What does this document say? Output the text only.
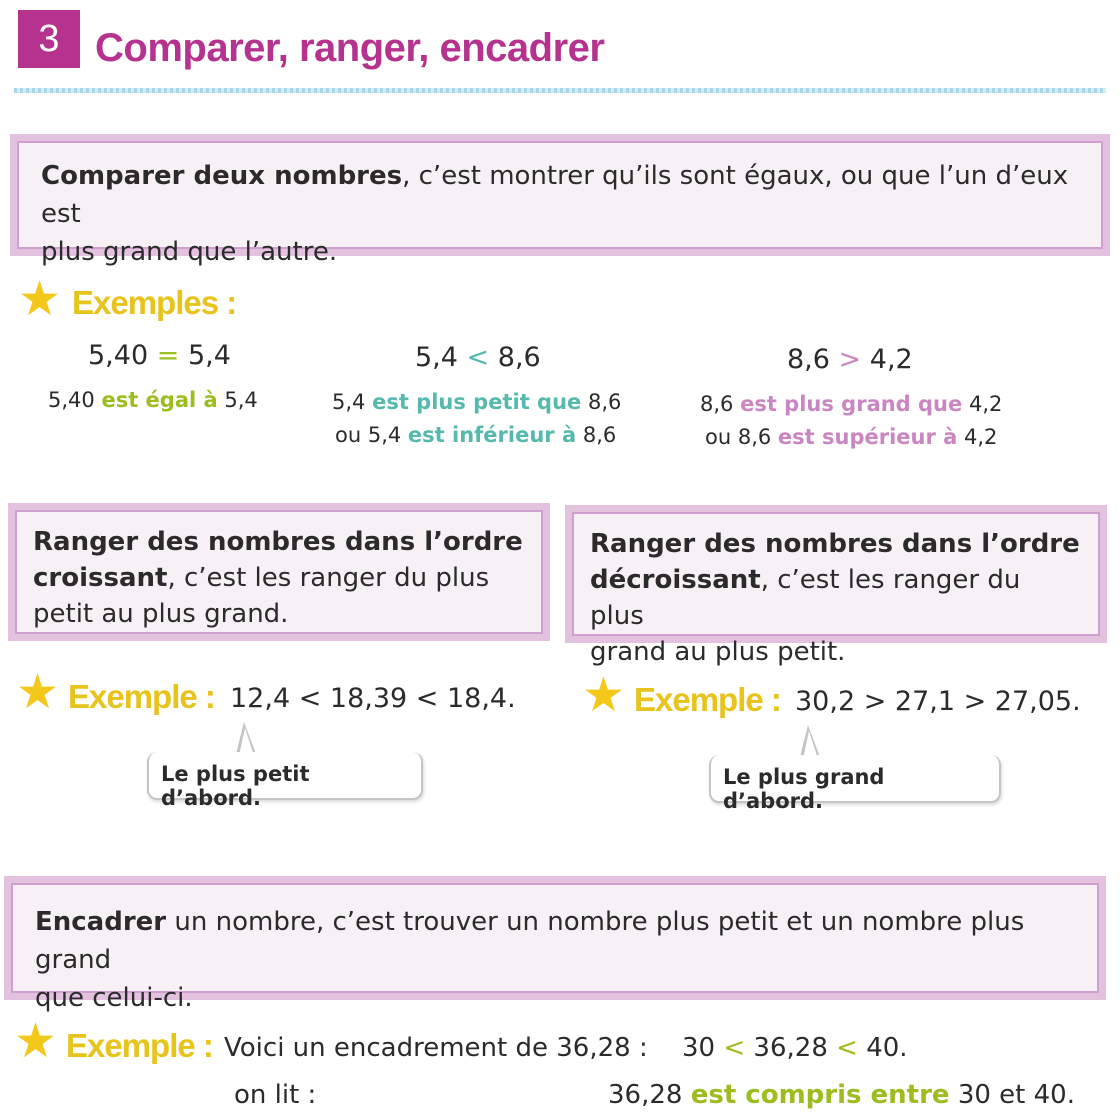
3 Comparer, ranger, encadrer
Comparer deux nombres, c’est montrer qu’ils sont égaux, ou que l’un d’eux est
plus grand que l’autre.
★ Exemples :
5,40 = 5,4
5,40 est égal à 5,4
5,4 < 8,6
5,4 est plus petit que 8,6
ou 5,4 est inférieur à 8,6
8,6 > 4,2
8,6 est plus grand que 4,2
ou 8,6 est supérieur à 4,2
Ranger des nombres dans l’ordre
croissant, c’est les ranger du plus
petit au plus grand.
Ranger des nombres dans l’ordre
décroissant, c’est les ranger du plus
grand au plus petit.
★ Exemple : 12,4 < 18,39 < 18,4.
Le plus petit d’abord.
★ Exemple : 30,2 > 27,1 > 27,05.
Le plus grand d’abord.
Encadrer un nombre, c’est trouver un nombre plus petit et un nombre plus grand
que celui-ci.
★ Exemple : Voici un encadrement de 36,28 : 30 < 36,28 < 40.
on lit :	36,28 est compris entre 30 et 40.
